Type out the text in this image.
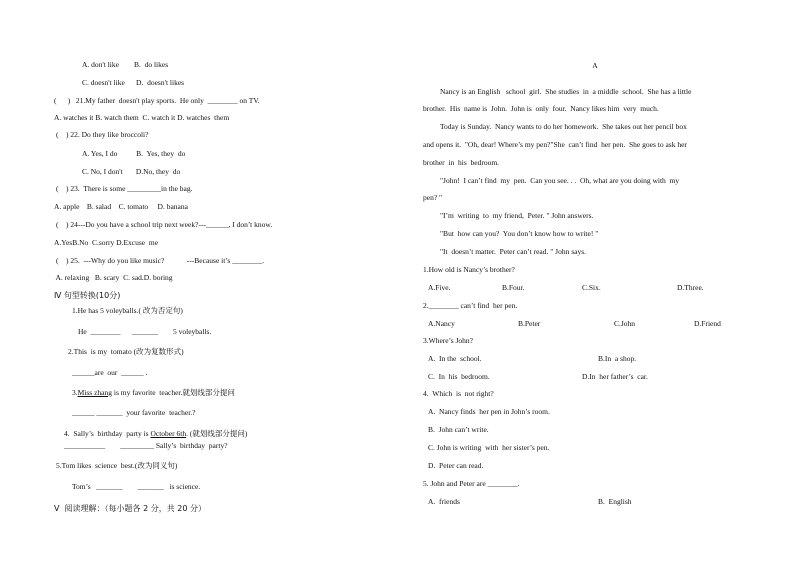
A. don't like        B.  do likes
C. doesn't like      D.  doesn't likes
(      )   21.My father  doesn't play sports.  He only  ________ on TV.
A. watches it B. watch them  C. watch it D. watches  them
(    ) 22. Do they like broccoli?
A. Yes, I do          B.  Yes, they  do
C. No, I don't       D.No, they  do
(    ) 23.  There is some _________in the bag.
A. apple    B. salad    C. tomato     D. banana
(    ) 24---Do you have a school trip next week?---______, I don’t know.
A.YesB.No  C.sorry D.Excuse  me
(    ) 25.  ---Why do you like music?            ---Because it’s ________.
A. relaxing   B. scary  C. sad.D. boring
Ⅳ 句型转换(10分)
1.He has 5 voleyballs.( 改为否定句)
He  ________      _______        5 voleyballs.
2.This  is my  tomato (改为复数形式)
______are  our  ______ .
3.Miss zhang is my favorite  teacher.就划线部分提问
______ _______  your favorite  teacher.?
4.  Sally’s  birthday  party is October 6th. (就划线部分提问)
___________        _________ Sally’s  birthday  party?
5.Tom likes  science  best.(改为同义句)
Tom’s   _______        _______   is science.
Ⅴ  阅读理解：（每小题各 2 分，共 20 分）
A
Nancy is an English   school  girl.  She studies  in  a middle  school.  She has a little
brother.  His  name is  John.  John is  only  four.  Nancy likes him  very  much.
Today is Sunday.  Nancy wants to do her homework.  She takes out her pencil box
and opens it.  "Oh, dear! Where’s my pen?"She  can’t find  her pen.  She goes to ask her
brother  in  his  bedroom.
"John!  I can’t find  my  pen.  Can you see. . .  Oh, what are you doing with  my
pen? "
"I’m  writing  to  my friend,  Peter. " John answers.
"But  how can you?  You don’t know how to write! "
"It  doesn’t matter.  Peter can’t read. " John says.
1.How old is Nancy’s brother?
A.Five.	B.Four.	C.Six.	D.Three.
2.________ can’t find  her pen.
A.Nancy	B.Peter	C.John	D.Friend
3.Where’s John?
A.  In the  school.	B.In  a shop.
C.  In  his  bedroom.	D.In  her father’s  car.
4.  Which  is  not right?
A.  Nancy finds  her pen in John’s room.
B.  John can’t write.
C. John is writing  with  her sister’s pen.
D.  Peter can read.
5. John and Peter are ________.
A.  friends	B.  English
